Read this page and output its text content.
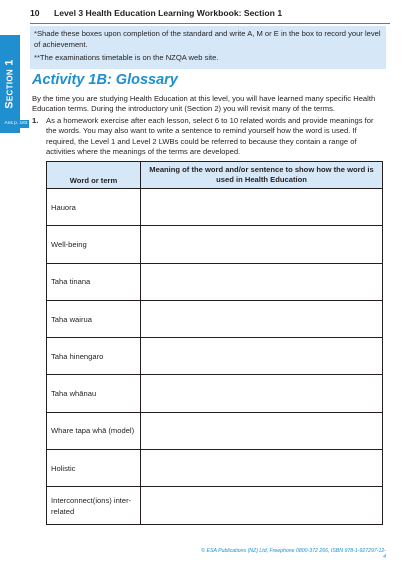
10	Level 3 Health Education Learning Workbook: Section 1
Section 1

*Shade these boxes upon completion of the standard and write A, M or E in the box to record your level of achievement.

**The examinations timetable is on the NZQA web site.

Activity 1B: Glossary

By the time you are studying Health Education at this level, you will have learned many specific Health Education terms. During the introductory unit (Section 2) you will revisit many of the terms.

Ans p. 183 1. As a homework exercise after each lesson, select 6 to 10 related words and provide meanings for the words. You may also want to write a sentence to remind yourself how the word is used. If required, the Level 1 and Level 2 LWBs could be referred to because they contain a range of activities where the meanings of the terms are developed.

Word or term	Meaning of the word and/or sentence to show how the word is used in Health Education
Hauora	
Well-being	
Taha tinana	
Taha wairua	
Taha hinengaro	
Taha whānau	
Whare tapa whā (model)	
Holistic	
Interconnect(ions) inter-related	
© ESA Publications (NZ) Ltd, Freephone 0800-372 266, ISBN 978-1-927297-12-4
